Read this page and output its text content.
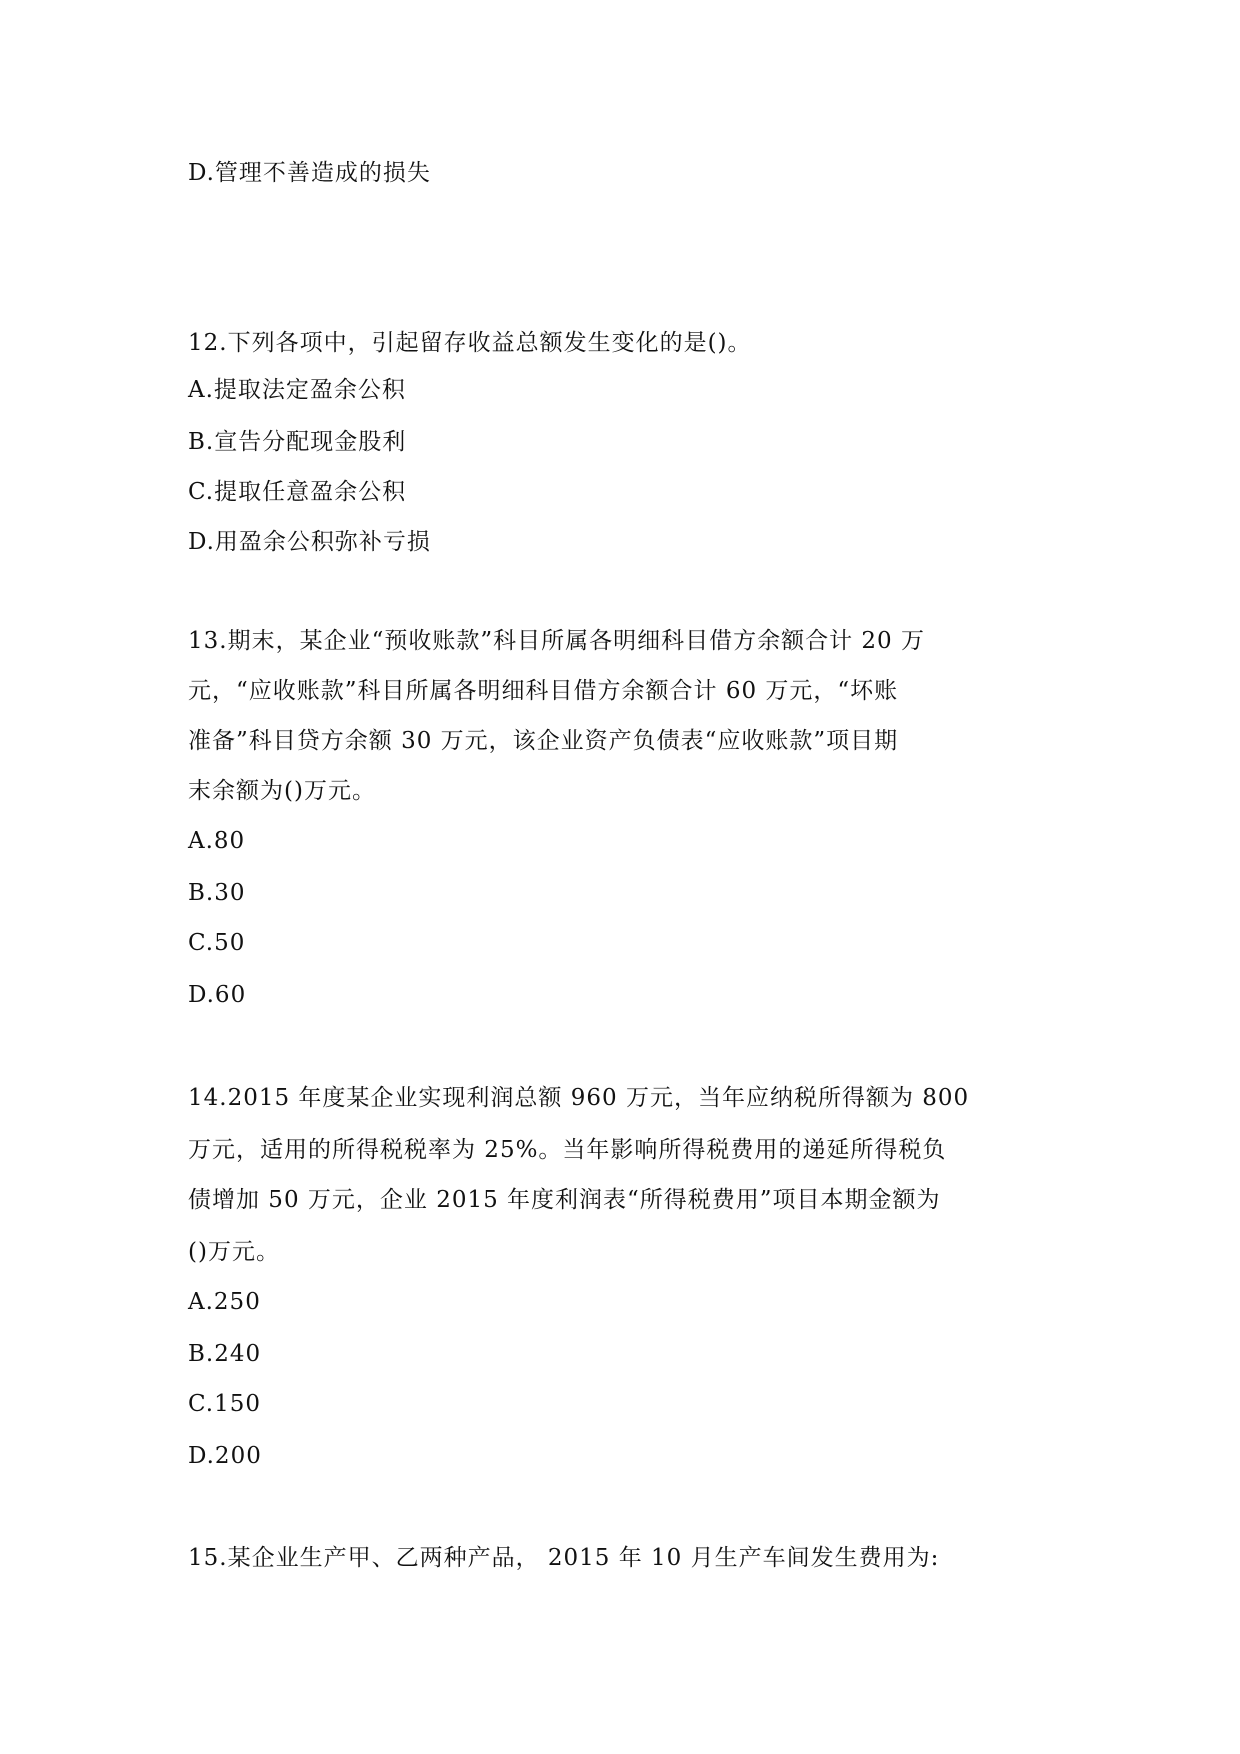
D.管理不善造成的损失
12.下列各项中，引起留存收益总额发生变化的是()。
A.提取法定盈余公积
B.宣告分配现金股利
C.提取任意盈余公积
D.用盈余公积弥补亏损
13.期末，某企业“预收账款”科目所属各明细科目借方余额合计 20 万
元，“应收账款”科目所属各明细科目借方余额合计 60 万元，“坏账
准备”科目贷方余额 30 万元，该企业资产负债表“应收账款”项目期
末余额为()万元。
A.80
B.30
C.50
D.60
14.2015 年度某企业实现利润总额 960 万元，当年应纳税所得额为 800
万元，适用的所得税税率为 25%。当年影响所得税费用的递延所得税负
债增加 50 万元，企业 2015 年度利润表“所得税费用”项目本期金额为
()万元。
A.250
B.240
C.150
D.200
15.某企业生产甲、乙两种产品， 2015 年 10 月生产车间发生费用为:
